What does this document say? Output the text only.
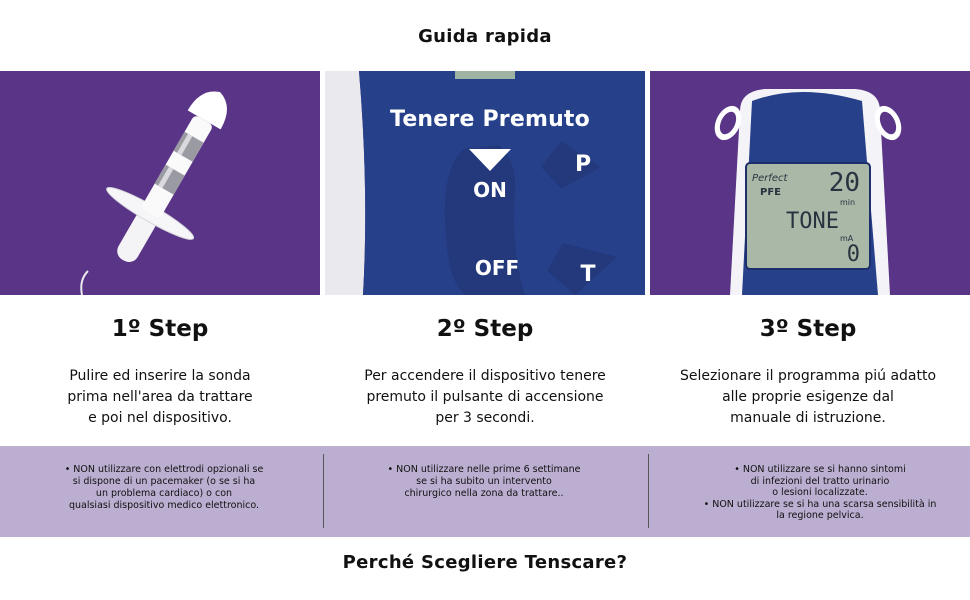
Guida rapida
ON
OFF
P
T
Tenere Premuto
Perfect
PFE 20
min
TONE
mA
0
1º Step	2º Step	3º Step
Pulire ed inserire la sonda
prima nell'area da trattare
e poi nel dispositivo.
Per accendere il dispositivo tenere
premuto il pulsante di accensione
per 3 secondi.
Selezionare il programma piú adatto
alle proprie esigenze dal
manuale di istruzione.
• NON utilizzare con elettrodi opzionali se
si dispone di un pacemaker (o se si ha
un problema cardiaco) o con
qualsiasi dispositivo medico elettronico.
• NON utilizzare nelle prime 6 settimane
se si ha subito un intervento
chirurgico nella zona da trattare..
• NON utilizzare se si hanno sintomi
di infezioni del tratto urinario
o lesioni localizzate.
• NON utilizzare se si ha una scarsa sensibilità in
la regione pelvica.
Perché Scegliere Tenscare?
